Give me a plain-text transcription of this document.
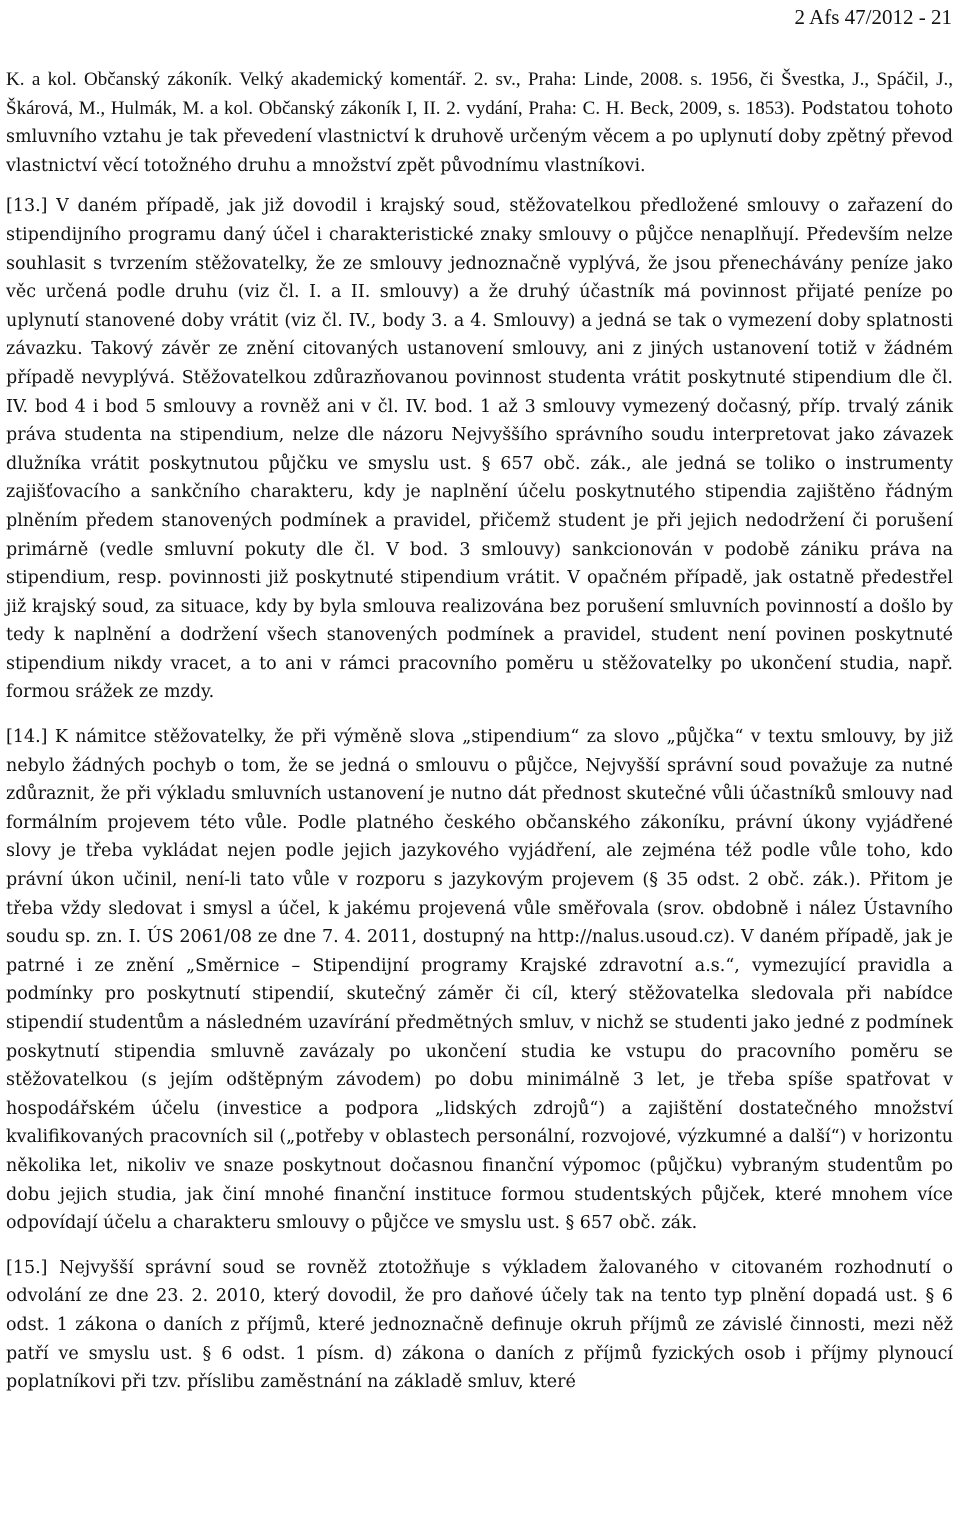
2 Afs 47/2012 - 21

K. a kol. Občanský zákoník. Velký akademický komentář. 2. sv., Praha: Linde, 2008. s. 1956, či Švestka, J., Spáčil, J., Škárová, M., Hulmák, M. a kol. Občanský zákoník I, II. 2. vydání, Praha: C. H. Beck, 2009, s. 1853). Podstatou tohoto smluvního vztahu je tak převedení vlastnictví k druhově určeným věcem a po uplynutí doby zpětný převod vlastnictví věcí totožného druhu a množství zpět původnímu vlastníkovi.

[13.] V daném případě, jak již dovodil i krajský soud, stěžovatelkou předložené smlouvy o zařazení do stipendijního programu daný účel i charakteristické znaky smlouvy o půjčce nenaplňují. Především nelze souhlasit s tvrzením stěžovatelky, že ze smlouvy jednoznačně vyplývá, že jsou přenechávány peníze jako věc určená podle druhu (viz čl. I. a II. smlouvy) a že druhý účastník má povinnost přijaté peníze po uplynutí stanovené doby vrátit (viz čl. IV., body 3. a 4. Smlouvy) a jedná se tak o vymezení doby splatnosti závazku. Takový závěr ze znění citovaných ustanovení smlouvy, ani z jiných ustanovení totiž v žádném případě nevyplývá. Stěžovatelkou zdůrazňovanou povinnost studenta vrátit poskytnuté stipendium dle čl. IV. bod 4 i bod 5 smlouvy a rovněž ani v čl. IV. bod. 1 až 3 smlouvy vymezený dočasný, příp. trvalý zánik práva studenta na stipendium, nelze dle názoru Nejvyššího správního soudu interpretovat jako závazek dlužníka vrátit poskytnutou půjčku ve smyslu ust. § 657 obč. zák., ale jedná se toliko o instrumenty zajišťovacího a sankčního charakteru, kdy je naplnění účelu poskytnutého stipendia zajištěno řádným plněním předem stanovených podmínek a pravidel, přičemž student je při jejich nedodržení či porušení primárně (vedle smluvní pokuty dle čl. V bod. 3 smlouvy) sankcionován v podobě zániku práva na stipendium, resp. povinnosti již poskytnuté stipendium vrátit. V opačném případě, jak ostatně předestřel již krajský soud, za situace, kdy by byla smlouva realizována bez porušení smluvních povinností a došlo by tedy k naplnění a dodržení všech stanovených podmínek a pravidel, student není povinen poskytnuté stipendium nikdy vracet, a to ani v rámci pracovního poměru u stěžovatelky po ukončení studia, např. formou srážek ze mzdy.

[14.] K námitce stěžovatelky, že při výměně slova „stipendium“ za slovo „půjčka“ v textu smlouvy, by již nebylo žádných pochyb o tom, že se jedná o smlouvu o půjčce, Nejvyšší správní soud považuje za nutné zdůraznit, že při výkladu smluvních ustanovení je nutno dát přednost skutečné vůli účastníků smlouvy nad formálním projevem této vůle. Podle platného českého občanského zákoníku, právní úkony vyjádřené slovy je třeba vykládat nejen podle jejich jazykového vyjádření, ale zejména též podle vůle toho, kdo právní úkon učinil, není-li tato vůle v rozporu s jazykovým projevem (§ 35 odst. 2 obč. zák.). Přitom je třeba vždy sledovat i smysl a účel, k jakému projevená vůle směřovala (srov. obdobně i nález Ústavního soudu sp. zn. I. ÚS 2061/08 ze dne 7. 4. 2011, dostupný na http://nalus.usoud.cz). V daném případě, jak je patrné i ze znění „Směrnice – Stipendijní programy Krajské zdravotní a.s.“, vymezující pravidla a podmínky pro poskytnutí stipendií, skutečný záměr či cíl, který stěžovatelka sledovala při nabídce stipendií studentům a následném uzavírání předmětných smluv, v nichž se studenti jako jedné z podmínek poskytnutí stipendia smluvně zavázaly po ukončení studia ke vstupu do pracovního poměru se stěžovatelkou (s jejím odštěpným závodem) po dobu minimálně 3 let, je třeba spíše spatřovat v hospodářském účelu (investice a podpora „lidských zdrojů“) a zajištění dostatečného množství kvalifikovaných pracovních sil („potřeby v oblastech personální, rozvojové, výzkumné a další“) v horizontu několika let, nikoliv ve snaze poskytnout dočasnou finanční výpomoc (půjčku) vybraným studentům po dobu jejich studia, jak činí mnohé finanční instituce formou studentských půjček, které mnohem více odpovídají účelu a charakteru smlouvy o půjčce ve smyslu ust. § 657 obč. zák.

[15.] Nejvyšší správní soud se rovněž ztotožňuje s výkladem žalovaného v citovaném rozhodnutí o odvolání ze dne 23. 2. 2010, který dovodil, že pro daňové účely tak na tento typ plnění dopadá ust. § 6 odst. 1 zákona o daních z příjmů, které jednoznačně definuje okruh příjmů ze závislé činnosti, mezi něž patří ve smyslu ust. § 6 odst. 1 písm. d) zákona o daních z příjmů fyzických osob i příjmy plynoucí poplatníkovi při tzv. příslibu zaměstnání na základě smluv, které
